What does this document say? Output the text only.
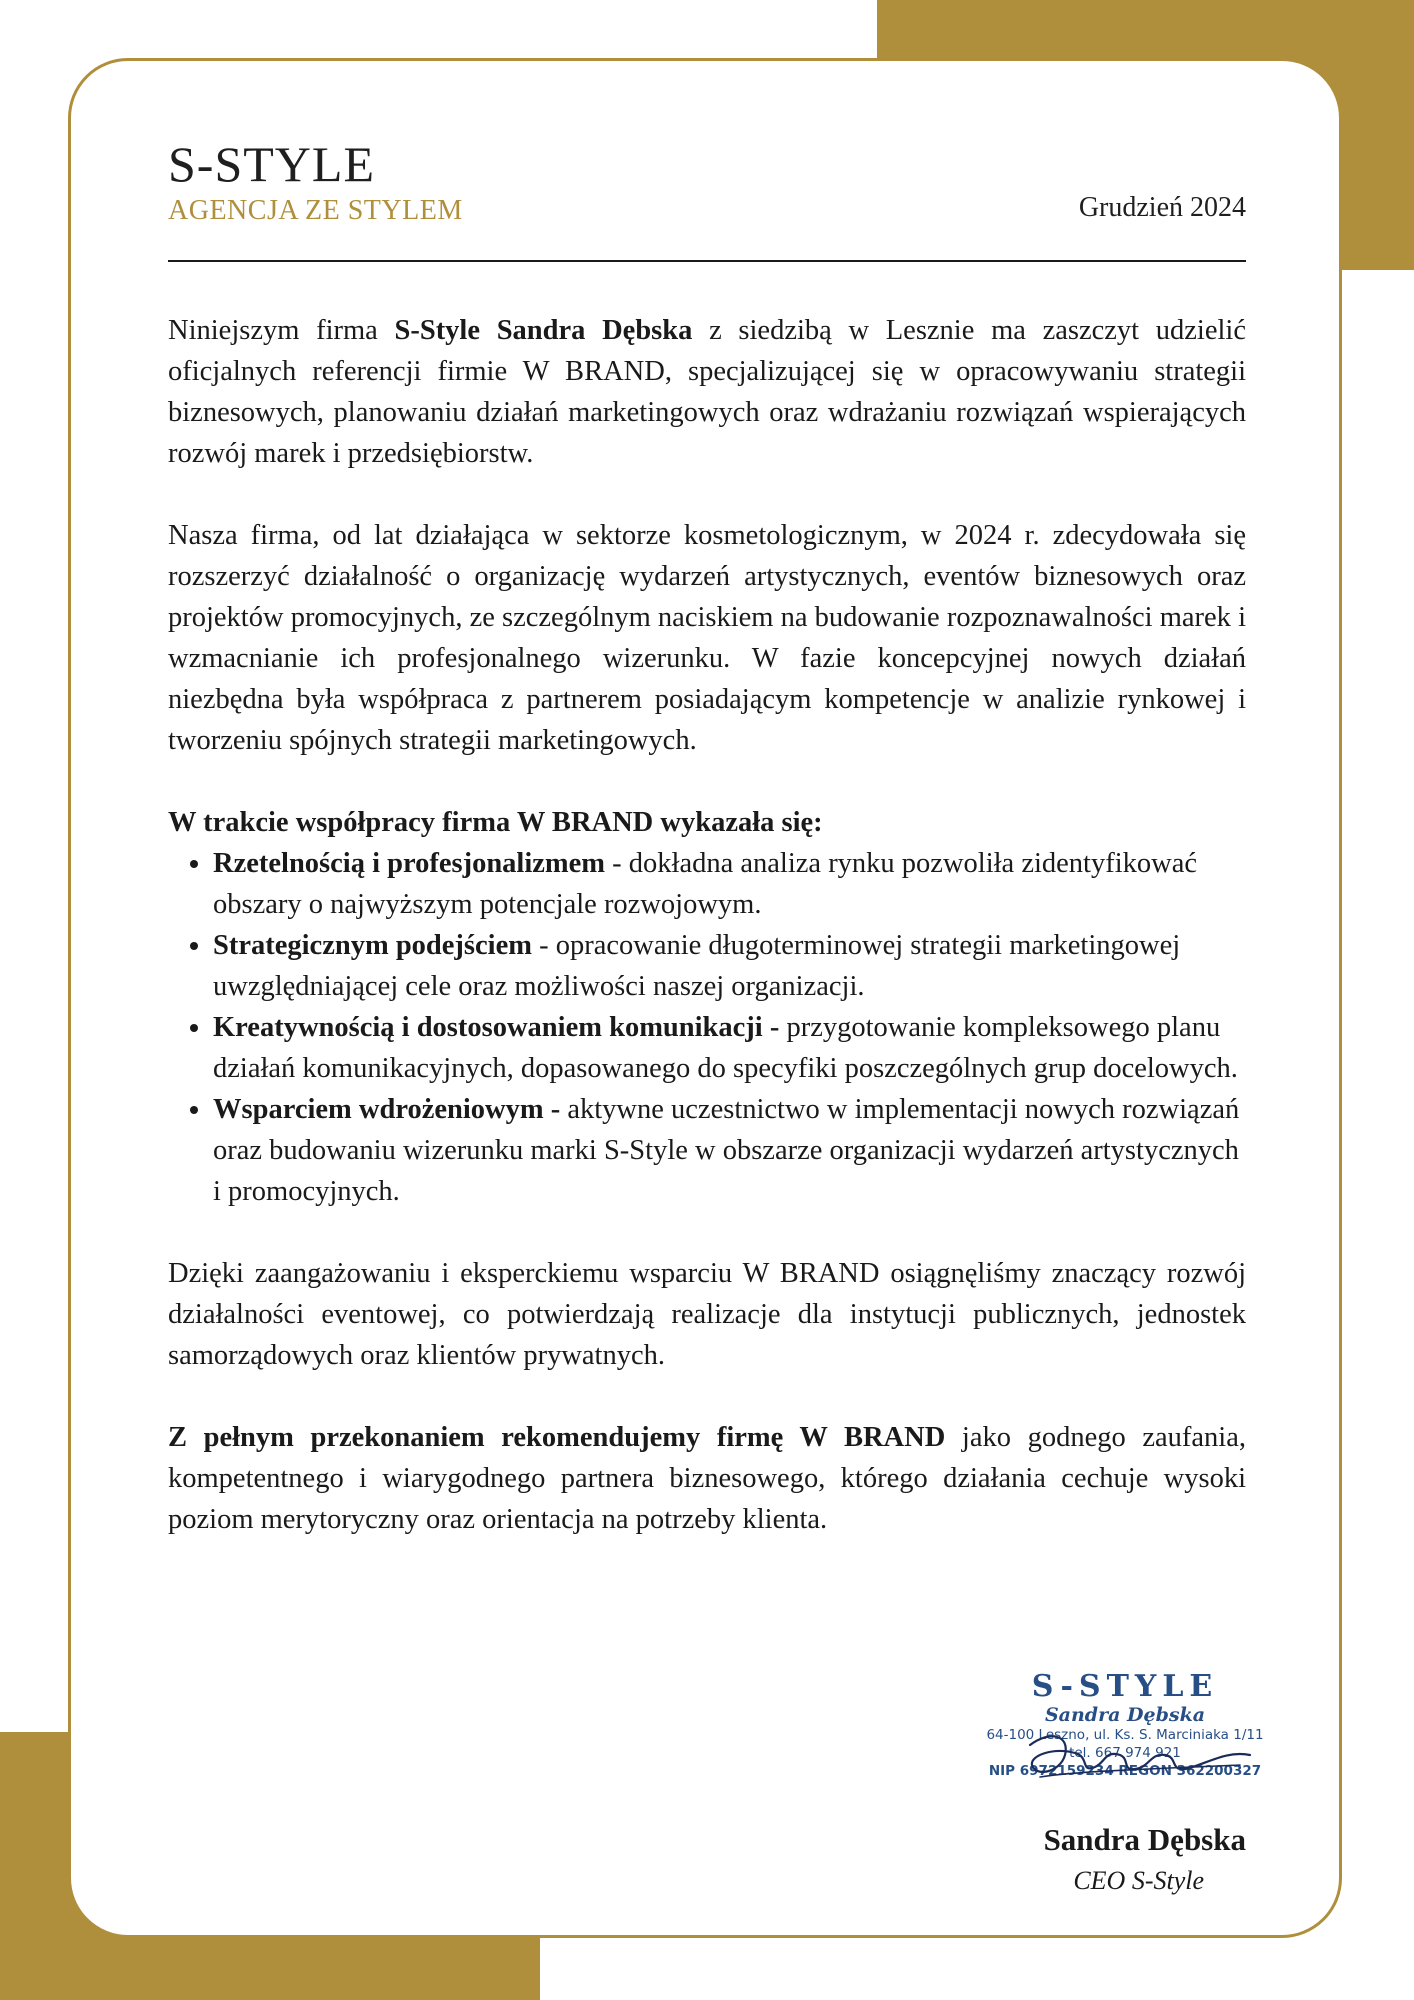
S-STYLE
AGENCJA ZE STYLEM	Grudzień 2024

Niniejszym firma S-Style Sandra Dębska z siedzibą w Lesznie ma zaszczyt udzielić oficjalnych referencji firmie W BRAND, specjalizującej się w opracowywaniu strategii biznesowych, planowaniu działań marketingowych oraz wdrażaniu rozwiązań wspierających rozwój marek i przedsiębiorstw.

Nasza firma, od lat działająca w sektorze kosmetologicznym, w 2024 r. zdecydowała się rozszerzyć działalność o organizację wydarzeń artystycznych, eventów biznesowych oraz projektów promocyjnych, ze szczególnym naciskiem na budowanie rozpoznawalności marek i wzmacnianie ich profesjonalnego wizerunku. W fazie koncepcyjnej nowych działań niezbędna była współpraca z partnerem posiadającym kompetencje w analizie rynkowej i tworzeniu spójnych strategii marketingowych.

W trakcie współpracy firma W BRAND wykazała się:

• Rzetelnością i profesjonalizmem - dokładna analiza rynku pozwoliła zidentyfikować obszary o najwyższym potencjale rozwojowym.
• Strategicznym podejściem - opracowanie długoterminowej strategii marketingowej uwzględniającej cele oraz możliwości naszej organizacji.
• Kreatywnością i dostosowaniem komunikacji - przygotowanie kompleksowego planu działań komunikacyjnych, dopasowanego do specyfiki poszczególnych grup docelowych.
• Wsparciem wdrożeniowym - aktywne uczestnictwo w implementacji nowych rozwiązań oraz budowaniu wizerunku marki S-Style w obszarze organizacji wydarzeń artystycznych i promocyjnych.

Dzięki zaangażowaniu i eksperckiemu wsparciu W BRAND osiągnęliśmy znaczący rozwój działalności eventowej, co potwierdzają realizacje dla instytucji publicznych, jednostek samorządowych oraz klientów prywatnych.

Z pełnym przekonaniem rekomendujemy firmę W BRAND jako godnego zaufania, kompetentnego i wiarygodnego partnera biznesowego, którego działania cechuje wysoki poziom merytoryczny oraz orientacja na potrzeby klienta.

S-STYLE
Sandra Dębska
64-100 Leszno, ul. Ks. S. Marciniaka 1/11
tel. 667 974 921
NIP 6972159234 REGON 362200327
Sandra Dębska
CEO S-Style
